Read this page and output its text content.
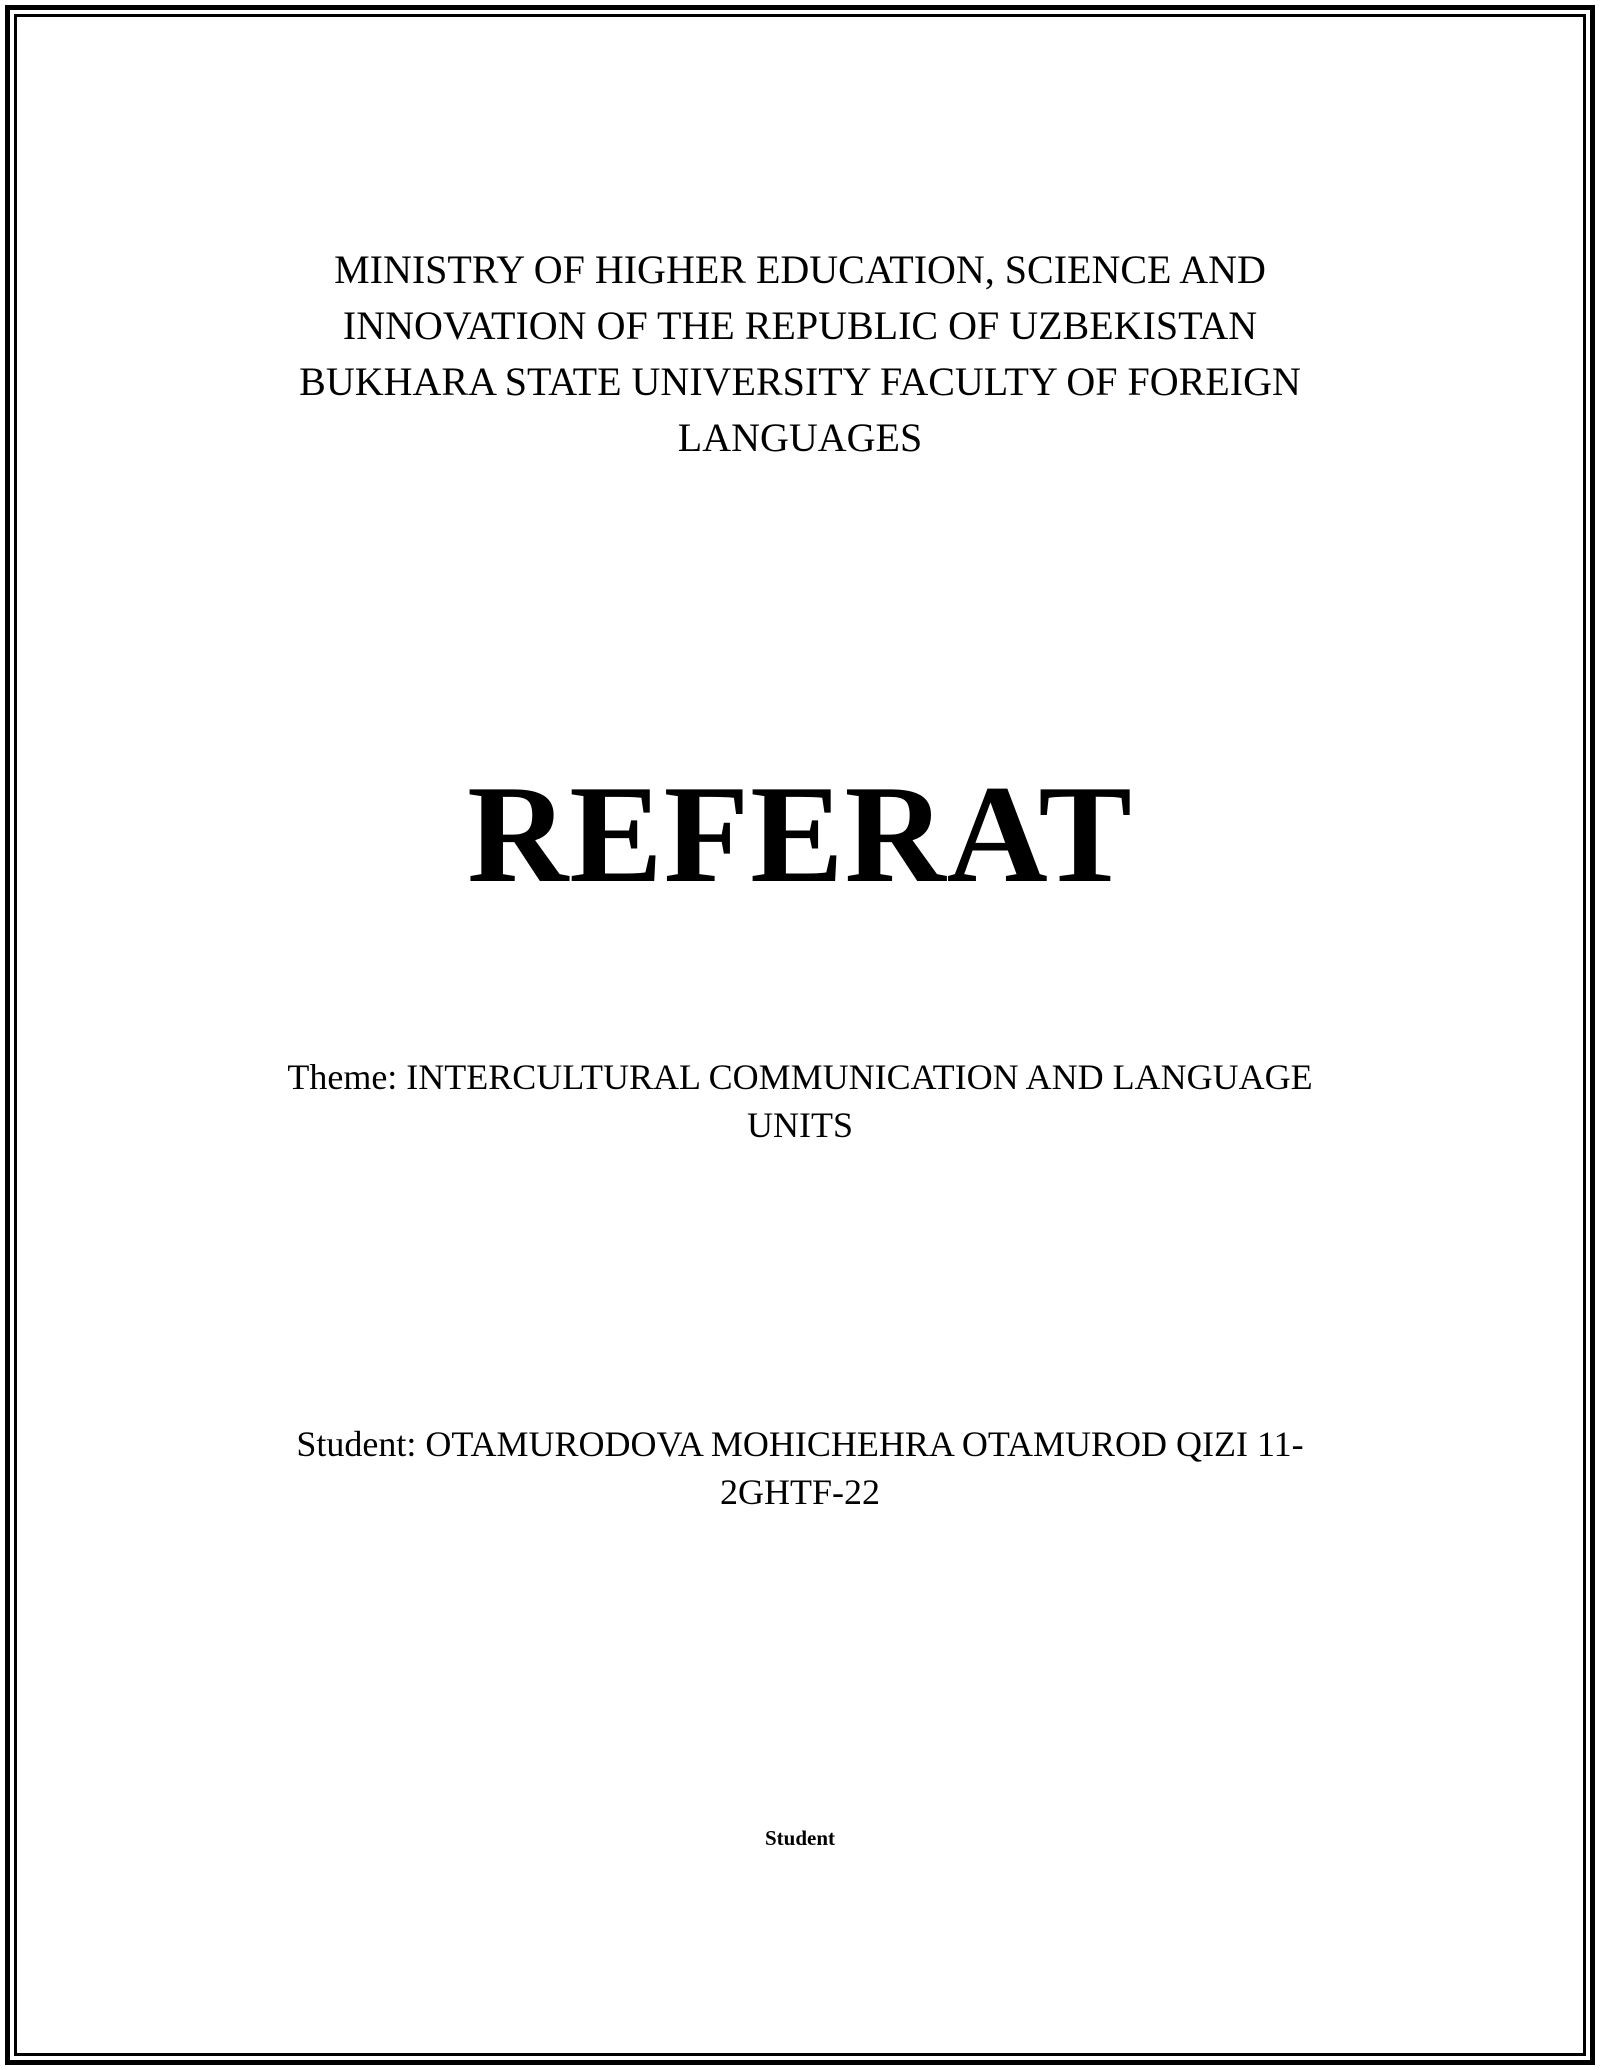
MINISTRY OF HIGHER EDUCATION, SCIENCE AND
INNOVATION OF THE REPUBLIC OF UZBEKISTAN
BUKHARA STATE UNIVERSITY FACULTY OF FOREIGN
LANGUAGES
REFERAT
Theme: INTERCULTURAL COMMUNICATION AND LANGUAGE
UNITS
Student: OTAMURODOVA MOHICHEHRA OTAMUROD QIZI 11-
2GHTF-22
Student
